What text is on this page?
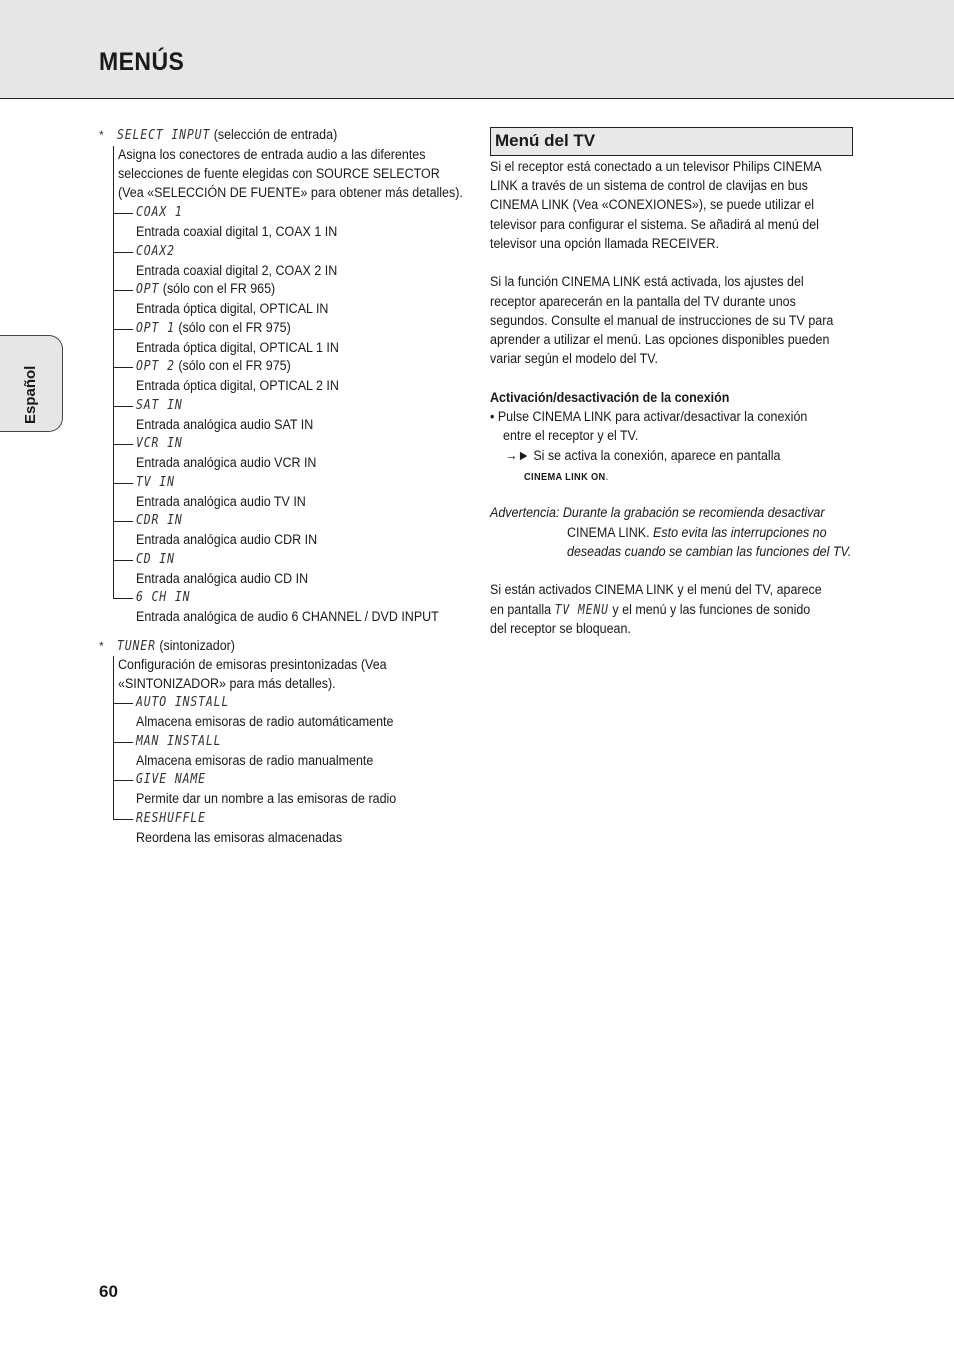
MENÚS
Español
* SELECT INPUT (selección de entrada)
Asigna los conectores de entrada audio a las diferentes
selecciones de fuente elegidas con SOURCE SELECTOR
(Vea «SELECCIÓN DE FUENTE» para obtener más detalles).
COAX 1
Entrada coaxial digital 1, COAX 1 IN
COAX2
Entrada coaxial digital 2, COAX 2 IN
OPT (sólo con el FR 965)
Entrada óptica digital, OPTICAL IN
OPT 1 (sólo con el FR 975)
Entrada óptica digital, OPTICAL 1 IN
OPT 2 (sólo con el FR 975)
Entrada óptica digital, OPTICAL 2 IN
SAT IN
Entrada analógica audio SAT IN
VCR IN
Entrada analógica audio VCR IN
TV IN
Entrada analógica audio TV IN
CDR IN
Entrada analógica audio CDR IN
CD IN
Entrada analógica audio CD IN
6 CH IN
Entrada analógica de audio 6 CHANNEL / DVD INPUT
* TUNER (sintonizador)
Configuración de emisoras presintonizadas (Vea
«SINTONIZADOR» para más detalles).
AUTO INSTALL
Almacena emisoras de radio automáticamente
MAN INSTALL
Almacena emisoras de radio manualmente
GIVE NAME
Permite dar un nombre a las emisoras de radio
RESHUFFLE
Reordena las emisoras almacenadas
Menú del TV
Si el receptor está conectado a un televisor Philips CINEMA
LINK a través de un sistema de control de clavijas en bus
CINEMA LINK (Vea «CONEXIONES»), se puede utilizar el
televisor para configurar el sistema. Se añadirá al menú del
televisor una opción llamada RECEIVER.
Si la función CINEMA LINK está activada, los ajustes del
receptor aparecerán en la pantalla del TV durante unos
segundos. Consulte el manual de instrucciones de su TV para
aprender a utilizar el menú. Las opciones disponibles pueden
variar según el modelo del TV.
Activación/desactivación de la conexión
• Pulse CINEMA LINK para activar/desactivar la conexión
entre el receptor y el TV.
→► Si se activa la conexión, aparece en pantalla
CINEMA LINK ON.
Advertencia: Durante la grabación se recomienda desactivar
CINEMA LINK. Esto evita las interrupciones no
deseadas cuando se cambian las funciones del TV.
Si están activados CINEMA LINK y el menú del TV, aparece
en pantalla TV MENU y el menú y las funciones de sonido
del receptor se bloquean.
60
